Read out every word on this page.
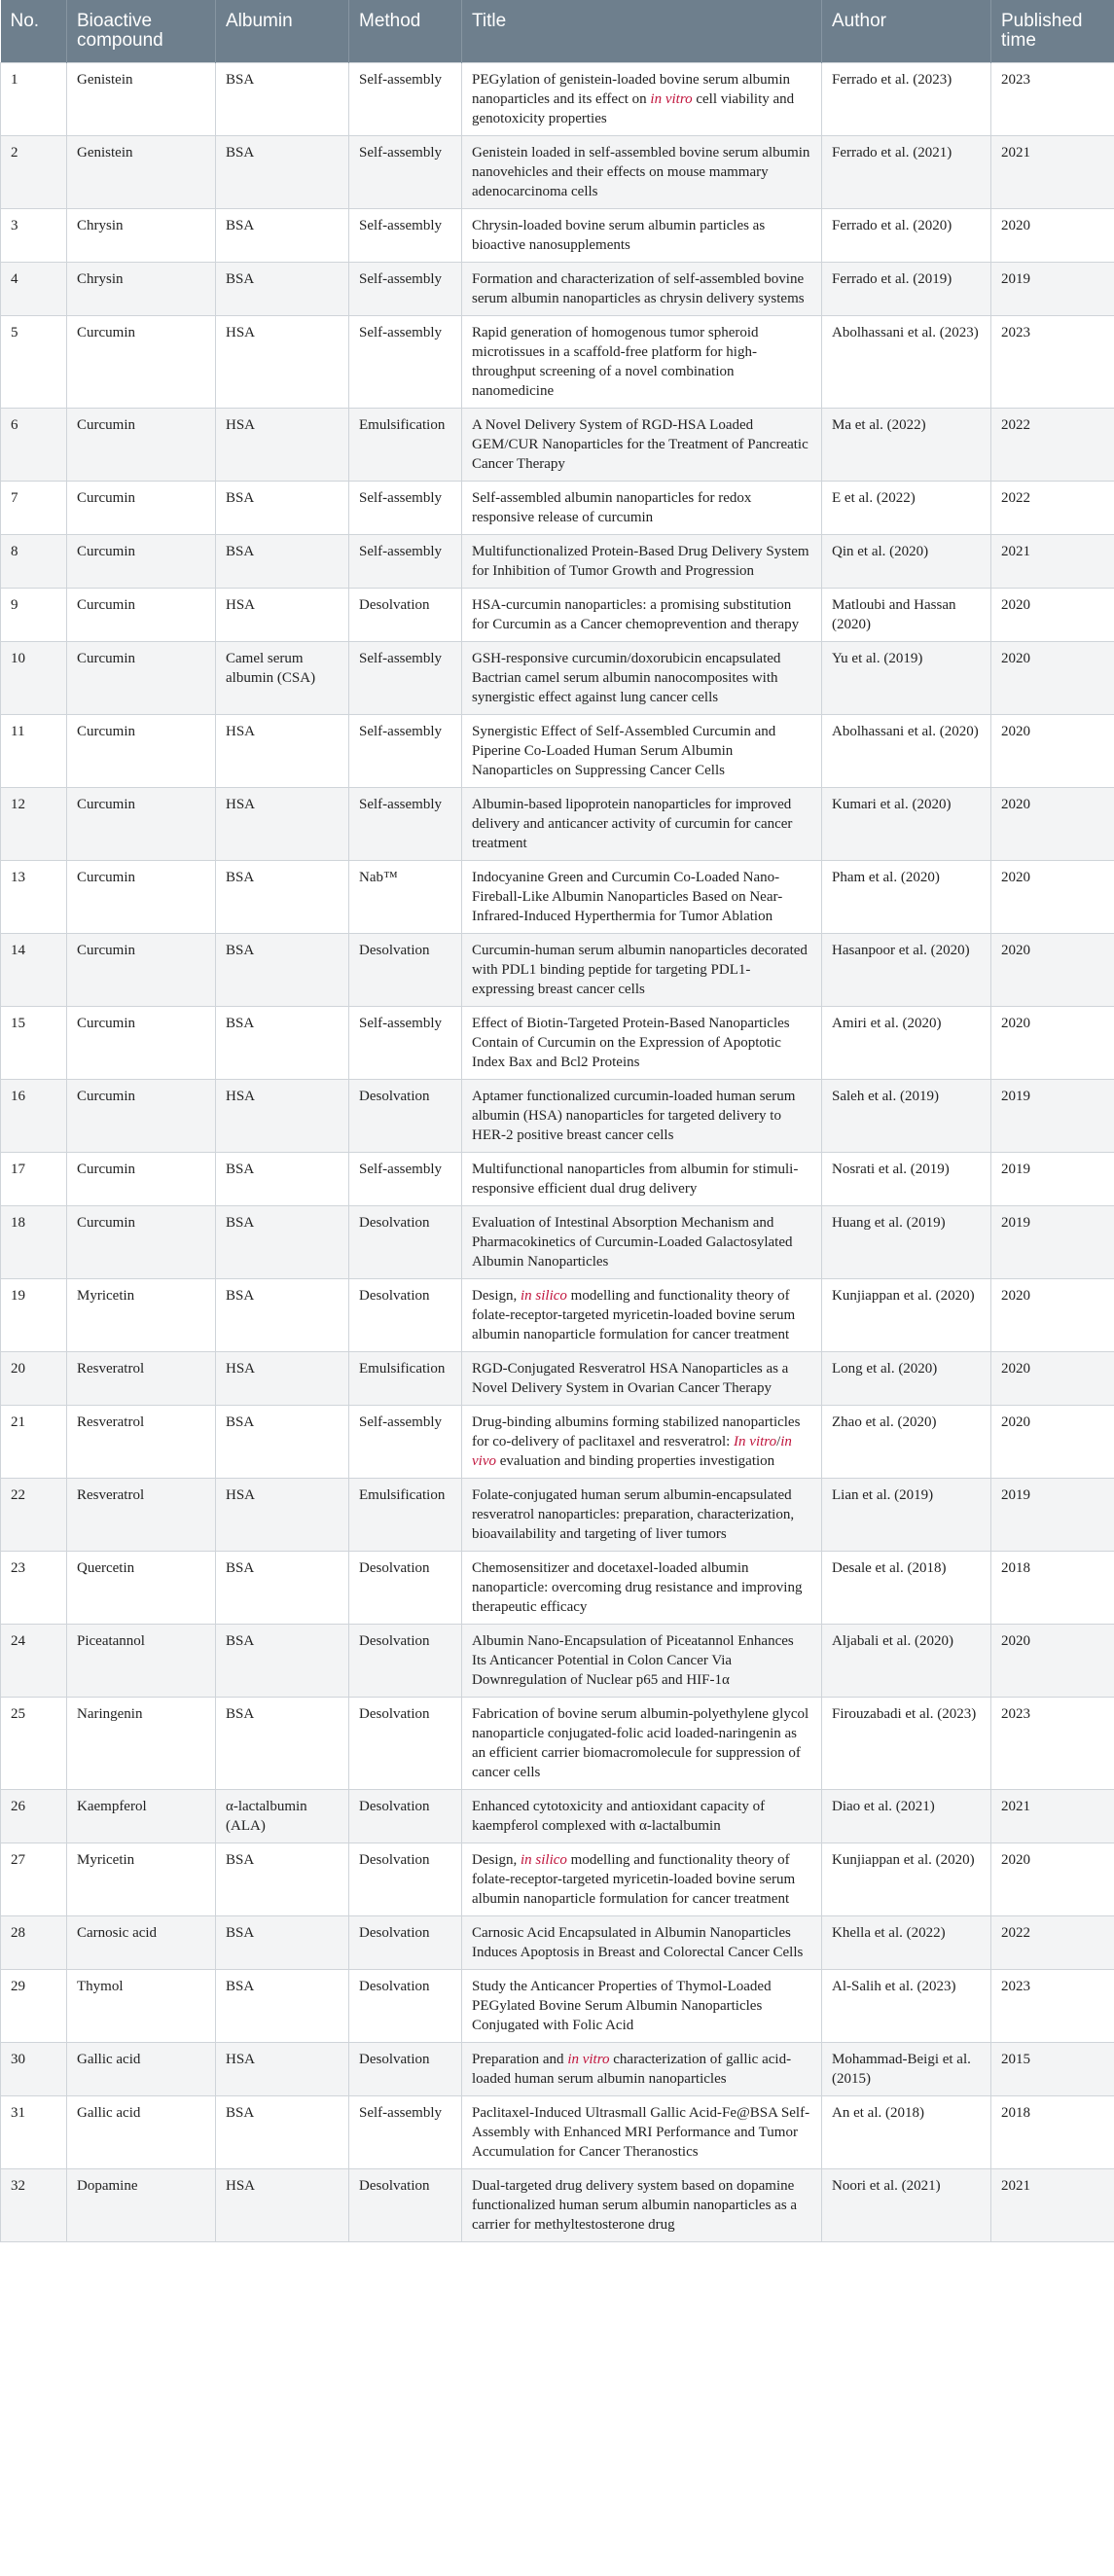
No.	Bioactive compound	Albumin	Method	Title	Author	Published time
1	Genistein	BSA	Self-assembly	PEGylation of genistein-loaded bovine serum albumin nanoparticles and its effect on in vitro cell viability and genotoxicity properties	Ferrado et al. (2023)	2023
2	Genistein	BSA	Self-assembly	Genistein loaded in self-assembled bovine serum albumin nanovehicles and their effects on mouse mammary adenocarcinoma cells	Ferrado et al. (2021)	2021
3	Chrysin	BSA	Self-assembly	Chrysin-loaded bovine serum albumin particles as bioactive nanosupplements	Ferrado et al. (2020)	2020
4	Chrysin	BSA	Self-assembly	Formation and characterization of self-assembled bovine serum albumin nanoparticles as chrysin delivery systems	Ferrado et al. (2019)	2019
5	Curcumin	HSA	Self-assembly	Rapid generation of homogenous tumor spheroid microtissues in a scaffold-free platform for high-throughput screening of a novel combination nanomedicine	Abolhassani et al. (2023)	2023
6	Curcumin	HSA	Emulsification	A Novel Delivery System of RGD-HSA Loaded GEM/CUR Nanoparticles for the Treatment of Pancreatic Cancer Therapy	Ma et al. (2022)	2022
7	Curcumin	BSA	Self-assembly	Self-assembled albumin nanoparticles for redox responsive release of curcumin	E et al. (2022)	2022
8	Curcumin	BSA	Self-assembly	Multifunctionalized Protein-Based Drug Delivery System for Inhibition of Tumor Growth and Progression	Qin et al. (2020)	2021
9	Curcumin	HSA	Desolvation	HSA-curcumin nanoparticles: a promising substitution for Curcumin as a Cancer chemoprevention and therapy	Matloubi and Hassan (2020)	2020
10	Curcumin	Camel serum albumin (CSA)	Self-assembly	GSH-responsive curcumin/doxorubicin encapsulated Bactrian camel serum albumin nanocomposites with synergistic effect against lung cancer cells	Yu et al. (2019)	2020
11	Curcumin	HSA	Self-assembly	Synergistic Effect of Self-Assembled Curcumin and Piperine Co-Loaded Human Serum Albumin Nanoparticles on Suppressing Cancer Cells	Abolhassani et al. (2020)	2020
12	Curcumin	HSA	Self-assembly	Albumin-based lipoprotein nanoparticles for improved delivery and anticancer activity of curcumin for cancer treatment	Kumari et al. (2020)	2020
13	Curcumin	BSA	Nab™	Indocyanine Green and Curcumin Co-Loaded Nano-Fireball-Like Albumin Nanoparticles Based on Near-Infrared-Induced Hyperthermia for Tumor Ablation	Pham et al. (2020)	2020
14	Curcumin	BSA	Desolvation	Curcumin-human serum albumin nanoparticles decorated with PDL1 binding peptide for targeting PDL1-expressing breast cancer cells	Hasanpoor et al. (2020)	2020
15	Curcumin	BSA	Self-assembly	Effect of Biotin-Targeted Protein-Based Nanoparticles Contain of Curcumin on the Expression of Apoptotic Index Bax and Bcl2 Proteins	Amiri et al. (2020)	2020
16	Curcumin	HSA	Desolvation	Aptamer functionalized curcumin-loaded human serum albumin (HSA) nanoparticles for targeted delivery to HER-2 positive breast cancer cells	Saleh et al. (2019)	2019
17	Curcumin	BSA	Self-assembly	Multifunctional nanoparticles from albumin for stimuli-responsive efficient dual drug delivery	Nosrati et al. (2019)	2019
18	Curcumin	BSA	Desolvation	Evaluation of Intestinal Absorption Mechanism and Pharmacokinetics of Curcumin-Loaded Galactosylated Albumin Nanoparticles	Huang et al. (2019)	2019
19	Myricetin	BSA	Desolvation	Design, in silico modelling and functionality theory of folate-receptor-targeted myricetin-loaded bovine serum albumin nanoparticle formulation for cancer treatment	Kunjiappan et al. (2020)	2020
20	Resveratrol	HSA	Emulsification	RGD-Conjugated Resveratrol HSA Nanoparticles as a Novel Delivery System in Ovarian Cancer Therapy	Long et al. (2020)	2020
21	Resveratrol	BSA	Self-assembly	Drug-binding albumins forming stabilized nanoparticles for co-delivery of paclitaxel and resveratrol: In vitro/in vivo evaluation and binding properties investigation	Zhao et al. (2020)	2020
22	Resveratrol	HSA	Emulsification	Folate-conjugated human serum albumin-encapsulated resveratrol nanoparticles: preparation, characterization, bioavailability and targeting of liver tumors	Lian et al. (2019)	2019
23	Quercetin	BSA	Desolvation	Chemosensitizer and docetaxel-loaded albumin nanoparticle: overcoming drug resistance and improving therapeutic efficacy	Desale et al. (2018)	2018
24	Piceatannol	BSA	Desolvation	Albumin Nano-Encapsulation of Piceatannol Enhances Its Anticancer Potential in Colon Cancer Via Downregulation of Nuclear p65 and HIF-1α	Aljabali et al. (2020)	2020
25	Naringenin	BSA	Desolvation	Fabrication of bovine serum albumin-polyethylene glycol nanoparticle conjugated-folic acid loaded-naringenin as an efficient carrier biomacromolecule for suppression of cancer cells	Firouzabadi et al. (2023)	2023
26	Kaempferol	α-lactalbumin (ALA)	Desolvation	Enhanced cytotoxicity and antioxidant capacity of kaempferol complexed with α-lactalbumin	Diao et al. (2021)	2021
27	Myricetin	BSA	Desolvation	Design, in silico modelling and functionality theory of folate-receptor-targeted myricetin-loaded bovine serum albumin nanoparticle formulation for cancer treatment	Kunjiappan et al. (2020)	2020
28	Carnosic acid	BSA	Desolvation	Carnosic Acid Encapsulated in Albumin Nanoparticles Induces Apoptosis in Breast and Colorectal Cancer Cells	Khella et al. (2022)	2022
29	Thymol	BSA	Desolvation	Study the Anticancer Properties of Thymol-Loaded PEGylated Bovine Serum Albumin Nanoparticles Conjugated with Folic Acid	Al-Salih et al. (2023)	2023
30	Gallic acid	HSA	Desolvation	Preparation and in vitro characterization of gallic acid-loaded human serum albumin nanoparticles	Mohammad-Beigi et al. (2015)	2015
31	Gallic acid	BSA	Self-assembly	Paclitaxel-Induced Ultrasmall Gallic Acid-Fe@BSA Self-Assembly with Enhanced MRI Performance and Tumor Accumulation for Cancer Theranostics	An et al. (2018)	2018
32	Dopamine	HSA	Desolvation	Dual-targeted drug delivery system based on dopamine functionalized human serum albumin nanoparticles as a carrier for methyltestosterone drug	Noori et al. (2021)	2021
